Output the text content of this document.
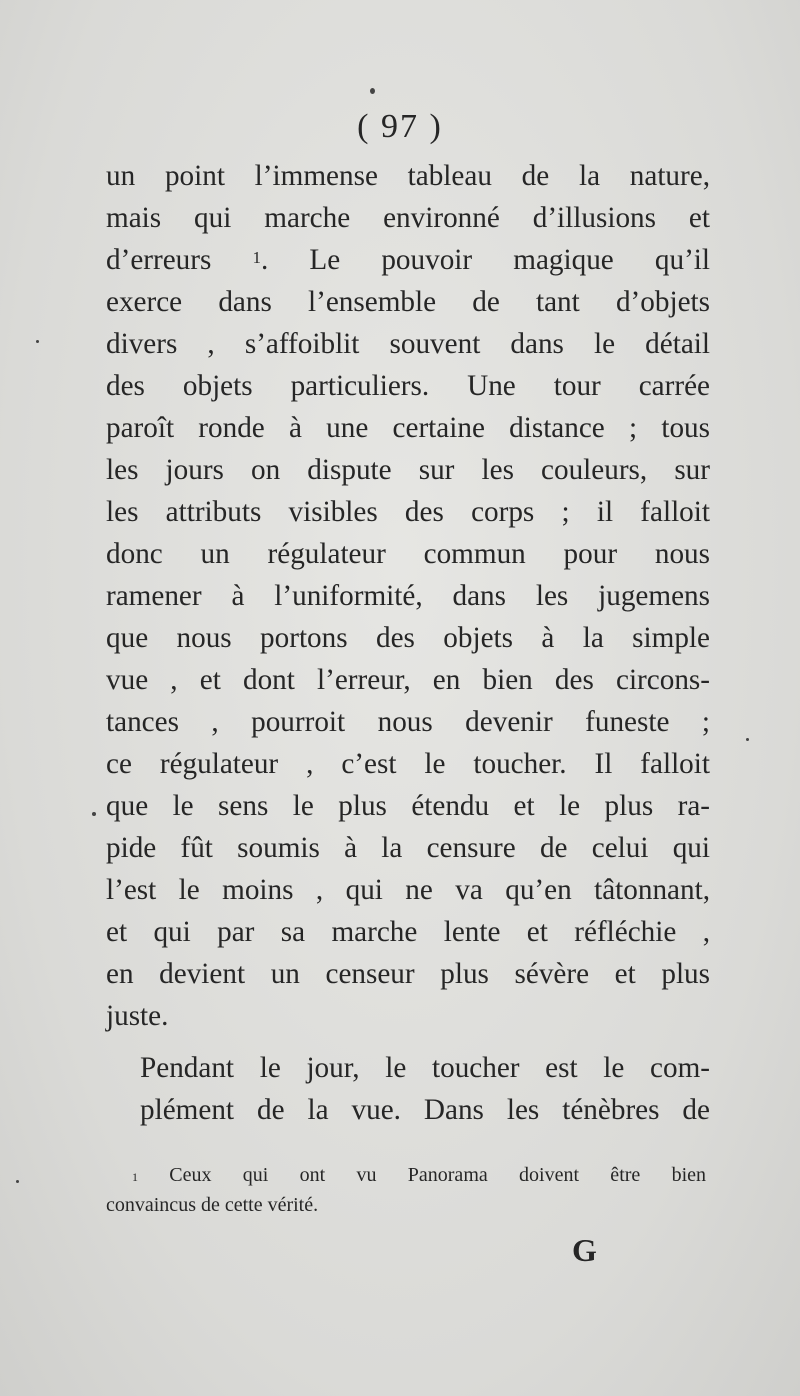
( 97 )

un point l’immense tableau de la nature,
mais qui marche environné d’illusions et
d’erreurs $^1$. Le pouvoir magique qu’il
exerce dans l’ensemble de tant d’objets
divers , s’affoiblit souvent dans le détail
des objets particuliers. Une tour carrée
paroît ronde à une certaine distance ; tous
les jours on dispute sur les couleurs, sur
les attributs visibles des corps ; il falloit
donc un régulateur commun pour nous
ramener à l’uniformité, dans les jugemens
que nous portons des objets à la simple
vue , et dont l’erreur, en bien des circons-
tances , pourroit nous devenir funeste ;
ce régulateur , c’est le toucher. Il falloit
que le sens le plus étendu et le plus ra-
pide fût soumis à la censure de celui qui
l’est le moins , qui ne va qu’en tâtonnant,
et qui par sa marche lente et réfléchie ,
en devient un censeur plus sévère et plus
juste.

Pendant le jour, le toucher est le com-
plément de la vue. Dans les ténèbres de

$^1$ Ceux qui ont vu Panorama doivent être bien
convaincus de cette vérité.
G
